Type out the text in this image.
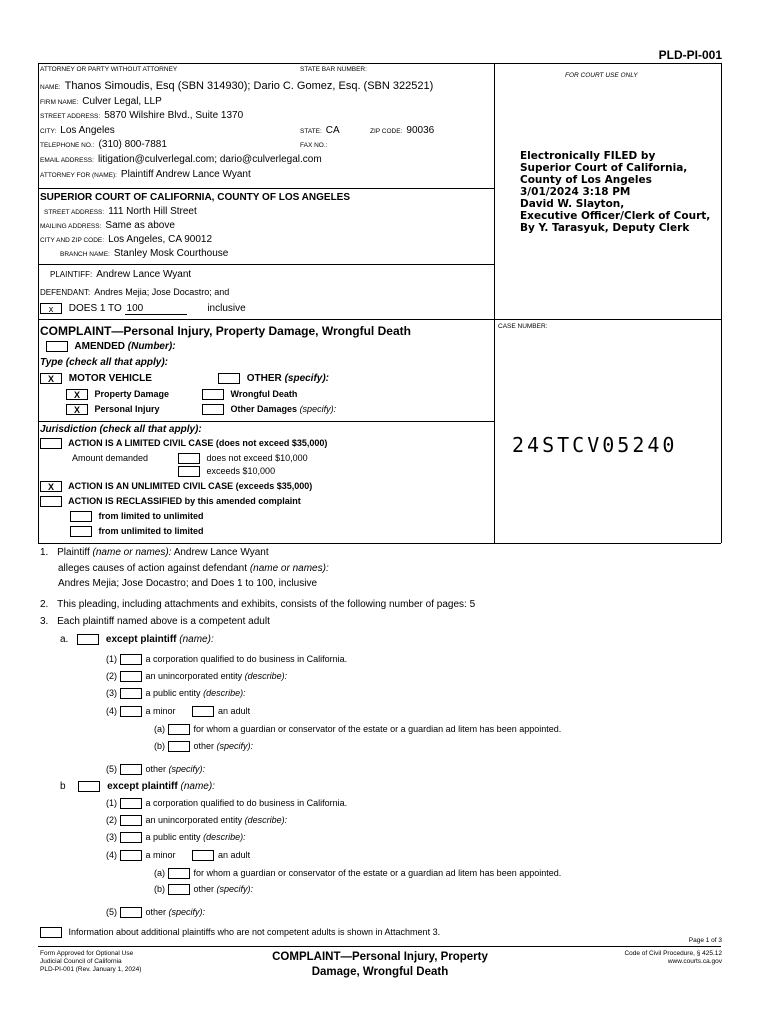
PLD-PI-001
ATTORNEY OR PARTY WITHOUT ATTORNEY	STATE BAR NUMBER:
FOR COURT USE ONLY
NAME: Thanos Simoudis, Esq (SBN 314930); Dario C. Gomez, Esq. (SBN 322521)
FIRM NAME: Culver Legal, LLP
STREET ADDRESS: 5870 Wilshire Blvd., Suite 1370
CITY: Los Angeles	STATE: CA	ZIP CODE: 90036
TELEPHONE NO.: (310) 800-7881	FAX NO.:
EMAIL ADDRESS: litigation@culverlegal.com; dario@culverlegal.com
ATTORNEY FOR (NAME): Plaintiff Andrew Lance Wyant
SUPERIOR COURT OF CALIFORNIA, COUNTY OF LOS ANGELES
STREET ADDRESS: 111 North Hill Street
MAILING ADDRESS: Same as above
CITY AND ZIP CODE: Los Angeles, CA 90012
BRANCH NAME: Stanley Mosk Courthouse
Electronically FILED by
Superior Court of California,
County of Los Angeles
3/01/2024 3:18 PM
David W. Slayton,
Executive Officer/Clerk of Court,
By Y. Tarasyuk, Deputy Clerk
PLAINTIFF: Andrew Lance Wyant
DEFENDANT: Andres Mejia; Jose Docastro; and
x DOES 1 TO 100	inclusive
COMPLAINT—Personal Injury, Property Damage, Wrongful Death	CASE NUMBER:
AMENDED (Number):
Type (check all that apply):
X MOTOR VEHICLE	OTHER (specify):
X Property Damage	Wrongful Death
X Personal Injury	Other Damages (specify):
Jurisdiction (check all that apply):
ACTION IS A LIMITED CIVIL CASE (does not exceed $35,000)
Amount demanded	does not exceed $10,000
exceeds $10,000
X ACTION IS AN UNLIMITED CIVIL CASE (exceeds $35,000)
ACTION IS RECLASSIFIED by this amended complaint
from limited to unlimited
from unlimited to limited
24STCV05240
1. Plaintiff (name or names): Andrew Lance Wyant
alleges causes of action against defendant (name or names):
Andres Mejia; Jose Docastro; and Does 1 to 100, inclusive
2. This pleading, including attachments and exhibits, consists of the following number of pages: 5
3. Each plaintiff named above is a competent adult
a.	except plaintiff (name):
(1)	a corporation qualified to do business in California.
(2)	an unincorporated entity (describe):
(3)	a public entity (describe):
(4)	a minor	an adult
(a)	for whom a guardian or conservator of the estate or a guardian ad litem has been appointed.
(b)	other (specify):
(5)	other (specify):
b	except plaintiff (name):
(1)	a corporation qualified to do business in California.
(2)	an unincorporated entity (describe):
(3)	a public entity (describe):
(4)	a minor	an adult
(a)	for whom a guardian or conservator of the estate or a guardian ad litem has been appointed.
(b)	other (specify):
(5)	other (specify):
Information about additional plaintiffs who are not competent adults is shown in Attachment 3.
Page 1 of 3
Form Approved for Optional Use
Judicial Council of California
PLD-PI-001 (Rev. January 1, 2024)
COMPLAINT—Personal Injury, Property
Damage, Wrongful Death
Code of Civil Procedure, § 425.12
www.courts.ca.gov
